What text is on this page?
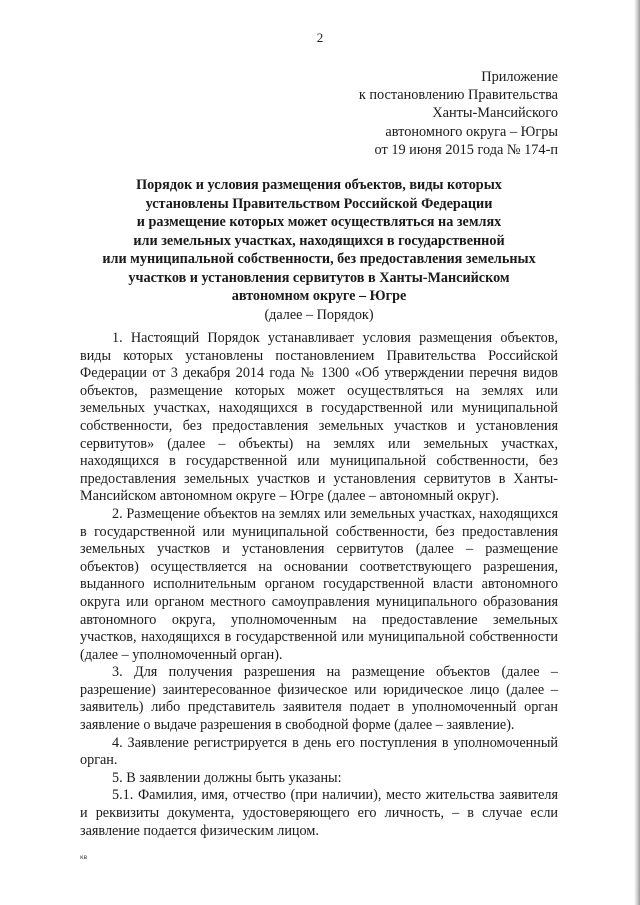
2
Приложение
к постановлению Правительства
Ханты-Мансийского
автономного округа – Югры
от 19 июня 2015 года № 174-п
Порядок и условия размещения объектов, виды которых
установлены Правительством Российской Федерации
и размещение которых может осуществляться на землях
или земельных участках, находящихся в государственной
или муниципальной собственности, без предоставления земельных
участков и установления сервитутов в Ханты-Мансийском
автономном округе – Югре
(далее – Порядок)

1. Настоящий Порядок устанавливает условия размещения объектов, виды которых установлены постановлением Правительства Российской Федерации от 3 декабря 2014 года № 1300 «Об утверждении перечня видов объектов, размещение которых может осуществляться на землях или земельных участках, находящихся в государственной или муниципальной собственности, без предоставления земельных участков и установления сервитутов» (далее – объекты) на землях или земельных участках, находящихся в государственной или муниципальной собственности, без предоставления земельных участков и установления сервитутов в Ханты-Мансийском автономном округе – Югре (далее – автономный округ).

2. Размещение объектов на землях или земельных участках, находящихся в государственной или муниципальной собственности, без предоставления земельных участков и установления сервитутов (далее – размещение объектов) осуществляется на основании соответствующего разрешения, выданного исполнительным органом государственной власти автономного округа или органом местного самоуправления муниципального образования автономного округа, уполномоченным на предоставление земельных участков, находящихся в государственной или муниципальной собственности (далее – уполномоченный орган).

3. Для получения разрешения на размещение объектов (далее – разрешение) заинтересованное физическое или юридическое лицо (далее – заявитель) либо представитель заявителя подает в уполномоченный орган заявление о выдаче разрешения в свободной форме (далее – заявление).

4. Заявление регистрируется в день его поступления в уполномоченный орган.

5. В заявлении должны быть указаны:

5.1. Фамилия, имя, отчество (при наличии), место жительства заявителя и реквизиты документа, удостоверяющего его личность, – в случае если заявление подается физическим лицом.

кв
